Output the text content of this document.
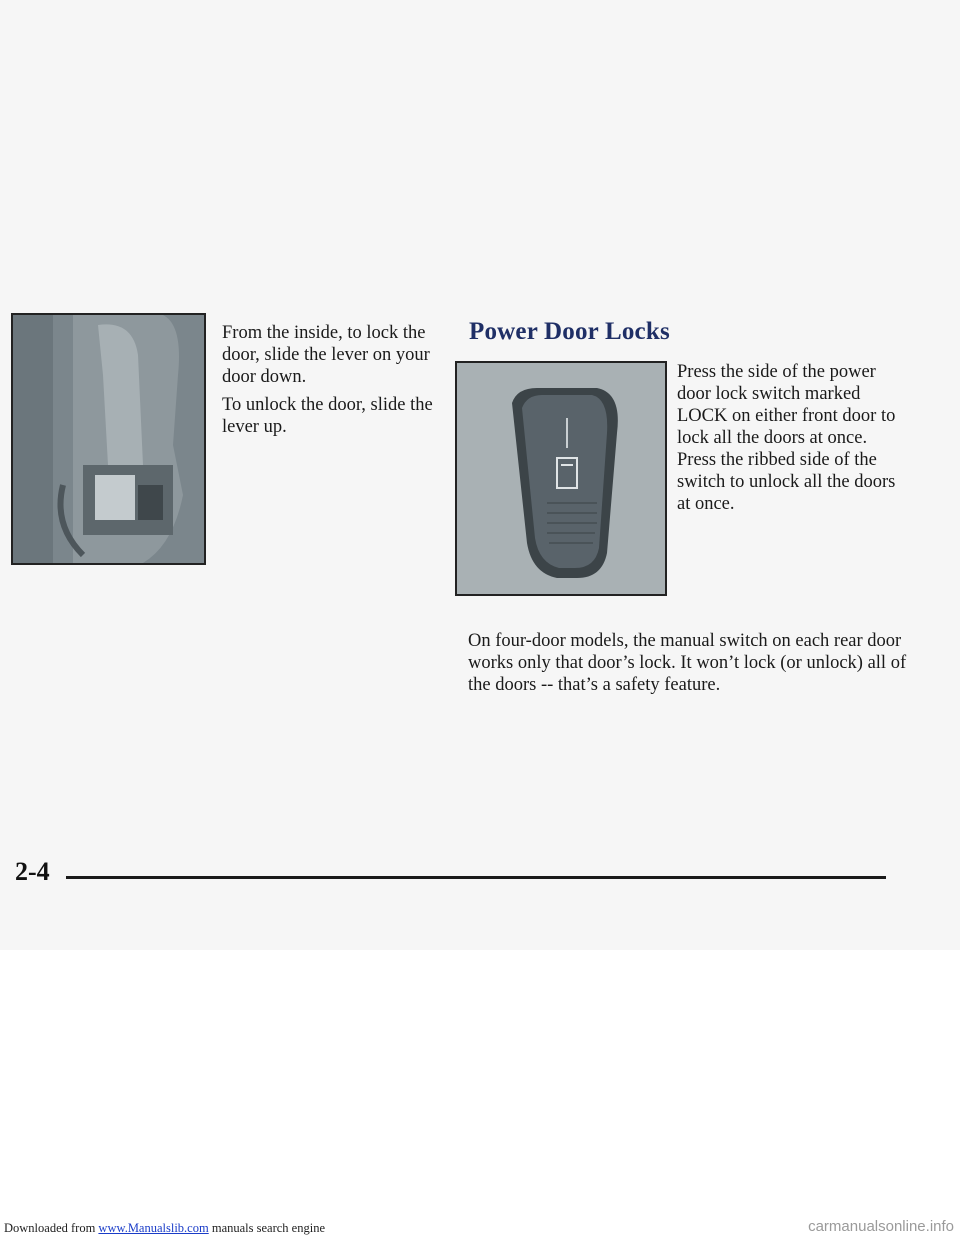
From the inside, to lock the door, slide the lever on your door down.

To unlock the door, slide the lever up.

Power Door Locks

Press the side of the power door lock switch marked LOCK on either front door to lock all the doors at once. Press the ribbed side of the switch to unlock all the doors at once.

On four-door models, the manual switch on each rear door works only that door’s lock. It won’t lock (or unlock) all of the doors -- that’s a safety feature.

2-4

Downloaded from www.Manualslib.com manuals search engine	carmanualsonline.info
